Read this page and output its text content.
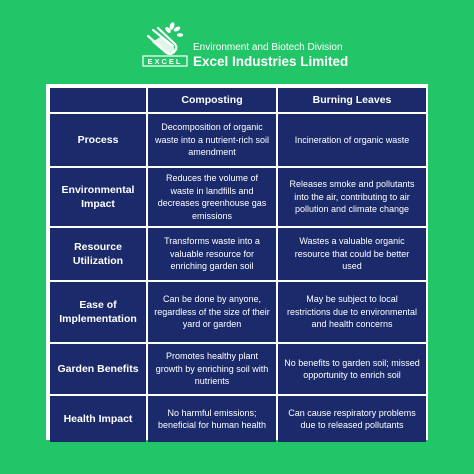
EXCEL
Environment and Biotech Division
Excel Industries Limited
	Composting	Burning Leaves
Process	Decomposition of organic waste into a nutrient-rich soil amendment	Incineration of organic waste
Environmental Impact	Reduces the volume of waste in landfills and decreases greenhouse gas emissions	Releases smoke and pollutants into the air, contributing to air pollution and climate change
Resource Utilization	Transforms waste into a valuable resource for enriching garden soil	Wastes a valuable organic resource that could be better used
Ease of Implementation	Can be done by anyone, regardless of the size of their yard or garden	May be subject to local restrictions due to environmental and health concerns
Garden Benefits	Promotes healthy plant growth by enriching soil with nutrients	No benefits to garden soil; missed opportunity to enrich soil
Health Impact	No harmful emissions; beneficial for human health	Can cause respiratory problems due to released pollutants
